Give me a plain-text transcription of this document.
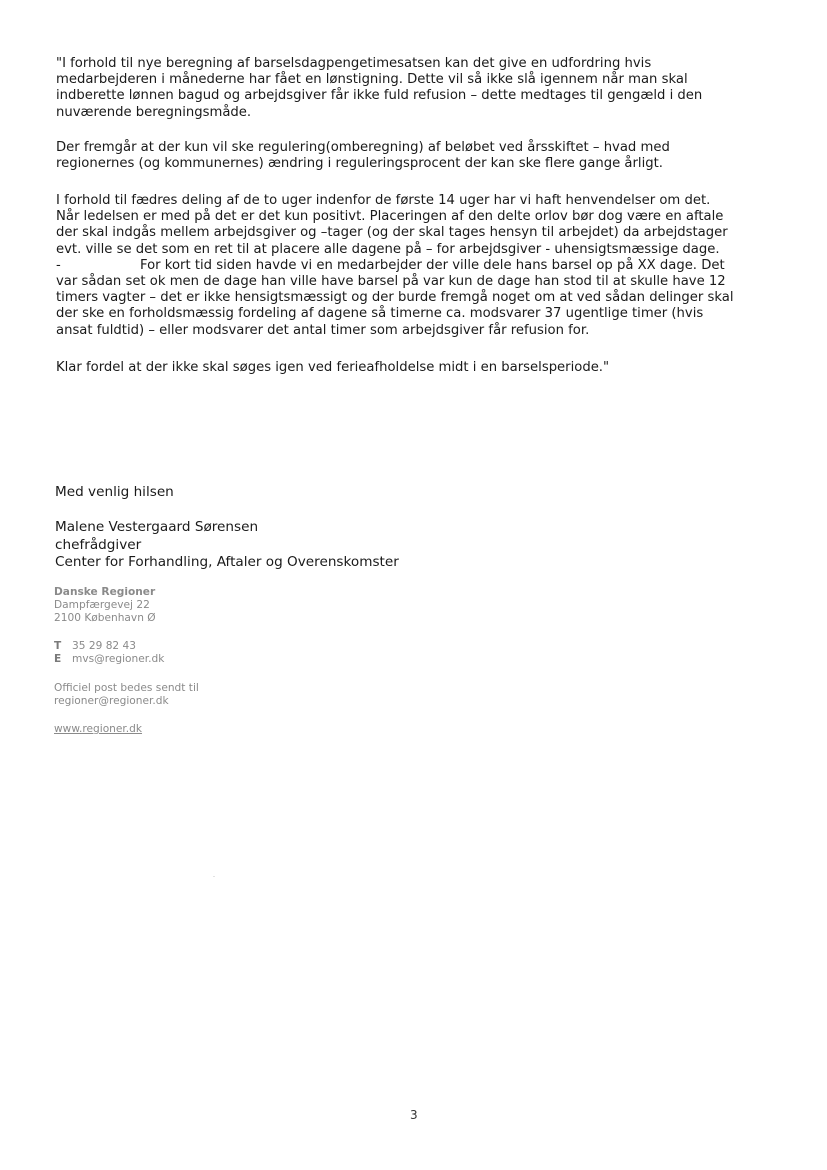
"I forhold til nye beregning af barselsdagpengetimesatsen kan det give en udfordring hvis
medarbejderen i månederne har fået en lønstigning. Dette vil så ikke slå igennem når man skal
indberette lønnen bagud og arbejdsgiver får ikke fuld refusion – dette medtages til gengæld i den
nuværende beregningsmåde.
Der fremgår at der kun vil ske regulering(omberegning) af beløbet ved årsskiftet – hvad med
regionernes (og kommunernes) ændring i reguleringsprocent der kan ske flere gange årligt.
I forhold til fædres deling af de to uger indenfor de første 14 uger har vi haft henvendelser om det.
Når ledelsen er med på det er det kun positivt. Placeringen af den delte orlov bør dog være en aftale
der skal indgås mellem arbejdsgiver og –tager (og der skal tages hensyn til arbejdet) da arbejdstager
evt. ville se det som en ret til at placere alle dagene på – for arbejdsgiver - uhensigtsmæssige dage.
-	For kort tid siden havde vi en medarbejder der ville dele hans barsel op på XX dage. Det
var sådan set ok men de dage han ville have barsel på var kun de dage han stod til at skulle have 12
timers vagter – det er ikke hensigtsmæssigt og der burde fremgå noget om at ved sådan delinger skal
der ske en forholdsmæssig fordeling af dagene så timerne ca. modsvarer 37 ugentlige timer (hvis
ansat fuldtid) – eller modsvarer det antal timer som arbejdsgiver får refusion for.
Klar fordel at der ikke skal søges igen ved ferieafholdelse midt i en barselsperiode."
Med venlig hilsen
Malene Vestergaard Sørensen
chefrådgiver
Center for Forhandling, Aftaler og Overenskomster
Danske Regioner
Dampfærgevej 22
2100 København Ø
T 35 29 82 43
E mvs@regioner.dk
Officiel post bedes sendt til
regioner@regioner.dk
www.regioner.dk
3
